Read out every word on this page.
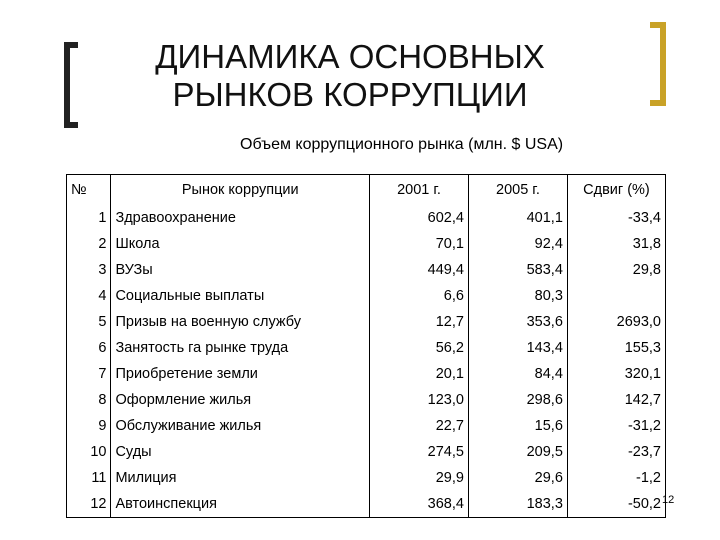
ДИНАМИКА ОСНОВНЫХ
РЫНКОВ КОРРУПЦИИ
Объем коррупционного рынка (млн. $ USA)
№	Рынок коррупции	2001 г.	2005 г.	Сдвиг (%)
1	Здравоохранение	602,4	401,1	-33,4
2	Школа	70,1	92,4	31,8
3	ВУЗы	449,4	583,4	29,8
4	Социальные выплаты	6,6	80,3	
5	Призыв на военную службу	12,7	353,6	2693,0
6	Занятость га рынке труда	56,2	143,4	155,3
7	Приобретение земли	20,1	84,4	320,1
8	Оформление жилья	123,0	298,6	142,7
9	Обслуживание жилья	22,7	15,6	-31,2
10	Суды	274,5	209,5	-23,7
11	Милиция	29,9	29,6	-1,2
12	Автоинспекция	368,4	183,3	-50,2 12
